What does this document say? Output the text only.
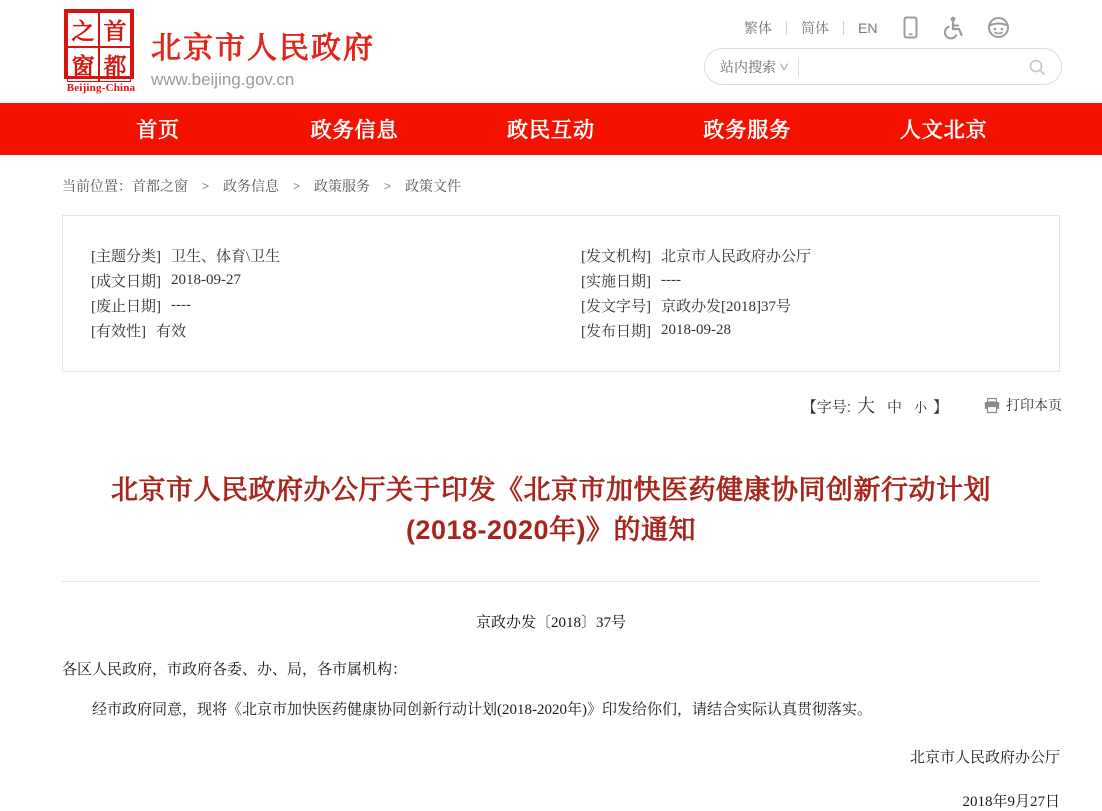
之 首
窗 都
Beijing-China
北京市人民政府
www.beijing.gov.cn
繁体 简体 EN
站内搜索 ∨
首页	政务信息	政民互动	政务服务	人文北京
当前位置： 首都之窗 > 政务信息 > 政策服务 > 政策文件
[主题分类] 卫生、体育\卫生
[成文日期] 2018-09-27
[废止日期] ----
[有效性] 有效
[发文机构] 北京市人民政府办公厅
[实施日期] ----
[发文字号] 京政办发[2018]37号
[发布日期] 2018-09-28
【字号: 大 中 小 】	打印本页
北京市人民政府办公厅关于印发《北京市加快医药健康协同创新行动计划(2018-2020年)》的通知
京政办发〔2018〕37号

各区人民政府，市政府各委、办、局，各市属机构：

经市政府同意，现将《北京市加快医药健康协同创新行动计划(2018-2020年)》印发给你们，请结合实际认真贯彻落实。

北京市人民政府办公厅

2018年9月27日
